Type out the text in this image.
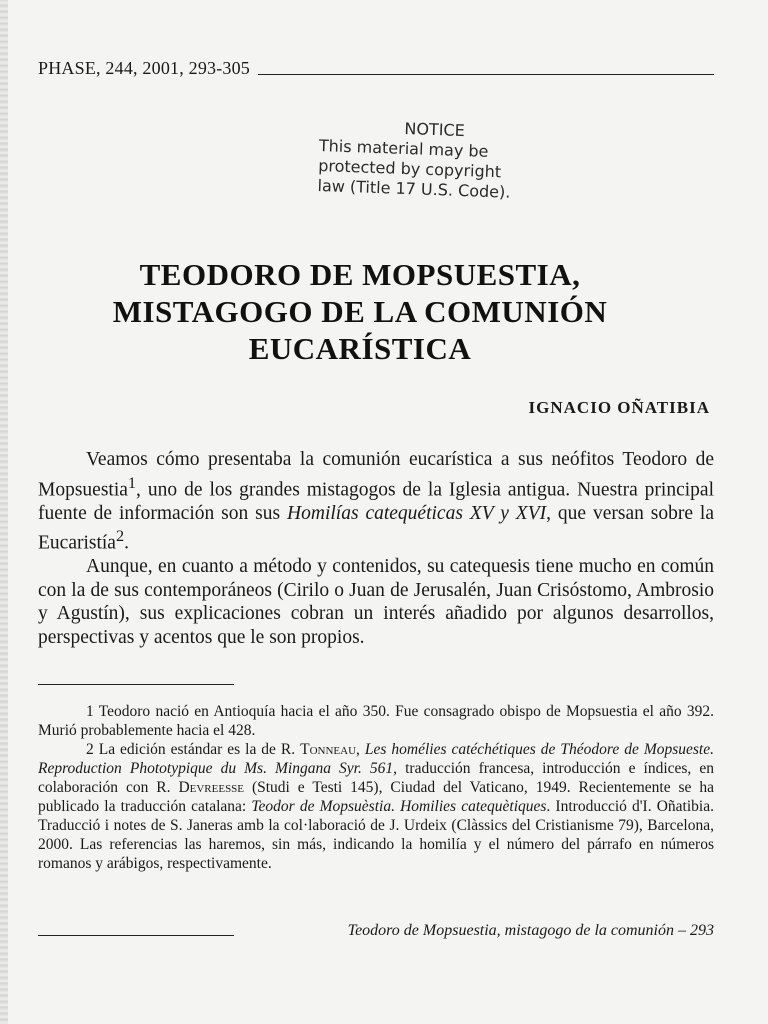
PHASE, 244, 2001, 293-305
NOTICE
This material may be
protected by copyright
law (Title 17 U.S. Code).
TEODORO DE MOPSUESTIA,
MISTAGOGO DE LA COMUNIÓN
EUCARÍSTICA
IGNACIO OÑATIBIA

Veamos cómo presentaba la comunión eucarística a sus neófitos Teodoro de Mopsuestia$^1$, uno de los grandes mistagogos de la Iglesia antigua. Nuestra principal fuente de información son sus Homilías catequéticas XV y XVI, que versan sobre la Eucaristía$^2$.

Aunque, en cuanto a método y contenidos, su catequesis tiene mucho en común con la de sus contemporáneos (Cirilo o Juan de Jerusalén, Juan Crisóstomo, Ambrosio y Agustín), sus explicaciones cobran un interés añadido por algunos desarrollos, perspectivas y acentos que le son propios.

1 Teodoro nació en Antioquía hacia el año 350. Fue consagrado obispo de Mopsuestia el año 392. Murió probablemente hacia el 428.

2 La edición estándar es la de R. Tonneau, Les homélies catéchétiques de Théodore de Mopsueste. Reproduction Phototypique du Ms. Mingana Syr. 561, traducción francesa, introducción e índices, en colaboración con R. Devreesse (Studi e Testi 145), Ciudad del Vaticano, 1949. Recientemente se ha publicado la traducción catalana: Teodor de Mopsuèstia. Homilies catequètiques. Introducció d'I. Oñatibia. Traducció i notes de S. Janeras amb la col·laboració de J. Urdeix (Clàssics del Cristianisme 79), Barcelona, 2000. Las referencias las haremos, sin más, indicando la homilía y el número del párrafo en números romanos y arábigos, respectivamente.

Teodoro de Mopsuestia, mistagogo de la comunión – 293
